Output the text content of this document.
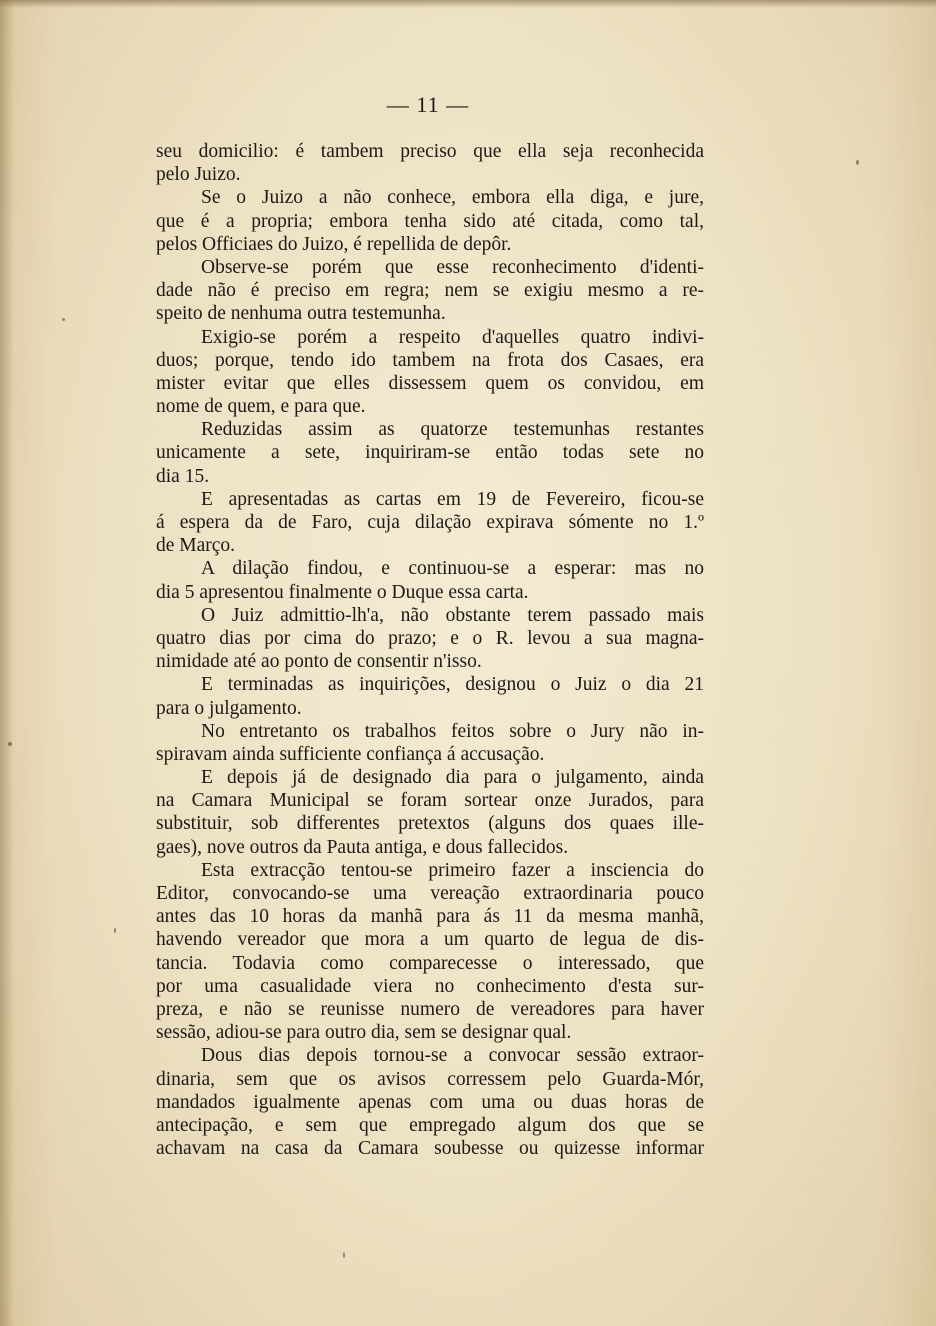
— 11 —
seu domicilio: é tambem preciso que ella seja reconhecida
pelo Juizo.
Se o Juizo a não conhece, embora ella diga, e jure,
que é a propria; embora tenha sido até citada, como tal,
pelos Officiaes do Juizo, é repellida de depôr.
Observe-se porém que esse reconhecimento d'identi-
dade não é preciso em regra; nem se exigiu mesmo a re-
speito de nenhuma outra testemunha.
Exigio-se porém a respeito d'aquelles quatro indivi-
duos; porque, tendo ido tambem na frota dos Casaes, era
mister evitar que elles dissessem quem os convidou, em
nome de quem, e para que.
Reduzidas assim as quatorze testemunhas restantes
unicamente a sete, inquiriram-se então todas sete no
dia 15.
E apresentadas as cartas em 19 de Fevereiro, ficou-se
á espera da de Faro, cuja dilação expirava sómente no 1.º
de Março.
A dilação findou, e continuou-se a esperar: mas no
dia 5 apresentou finalmente o Duque essa carta.
O Juiz admittio-lh'a, não obstante terem passado mais
quatro dias por cima do prazo; e o R. levou a sua magna-
nimidade até ao ponto de consentir n'isso.
E terminadas as inquirições, designou o Juiz o dia 21
para o julgamento.
No entretanto os trabalhos feitos sobre o Jury não in-
spiravam ainda sufficiente confiança á accusação.
E depois já de designado dia para o julgamento, ainda
na Camara Municipal se foram sortear onze Jurados, para
substituir, sob differentes pretextos (alguns dos quaes ille-
gaes), nove outros da Pauta antiga, e dous fallecidos.
Esta extracção tentou-se primeiro fazer a insciencia do
Editor, convocando-se uma vereação extraordinaria pouco
antes das 10 horas da manhã para ás 11 da mesma manhã,
havendo vereador que mora a um quarto de legua de dis-
tancia. Todavia como comparecesse o interessado, que
por uma casualidade viera no conhecimento d'esta sur-
preza, e não se reunisse numero de vereadores para haver
sessão, adiou-se para outro dia, sem se designar qual.
Dous dias depois tornou-se a convocar sessão extraor-
dinaria, sem que os avisos corressem pelo Guarda-Mór,
mandados igualmente apenas com uma ou duas horas de
antecipação, e sem que empregado algum dos que se
achavam na casa da Camara soubesse ou quizesse informar
